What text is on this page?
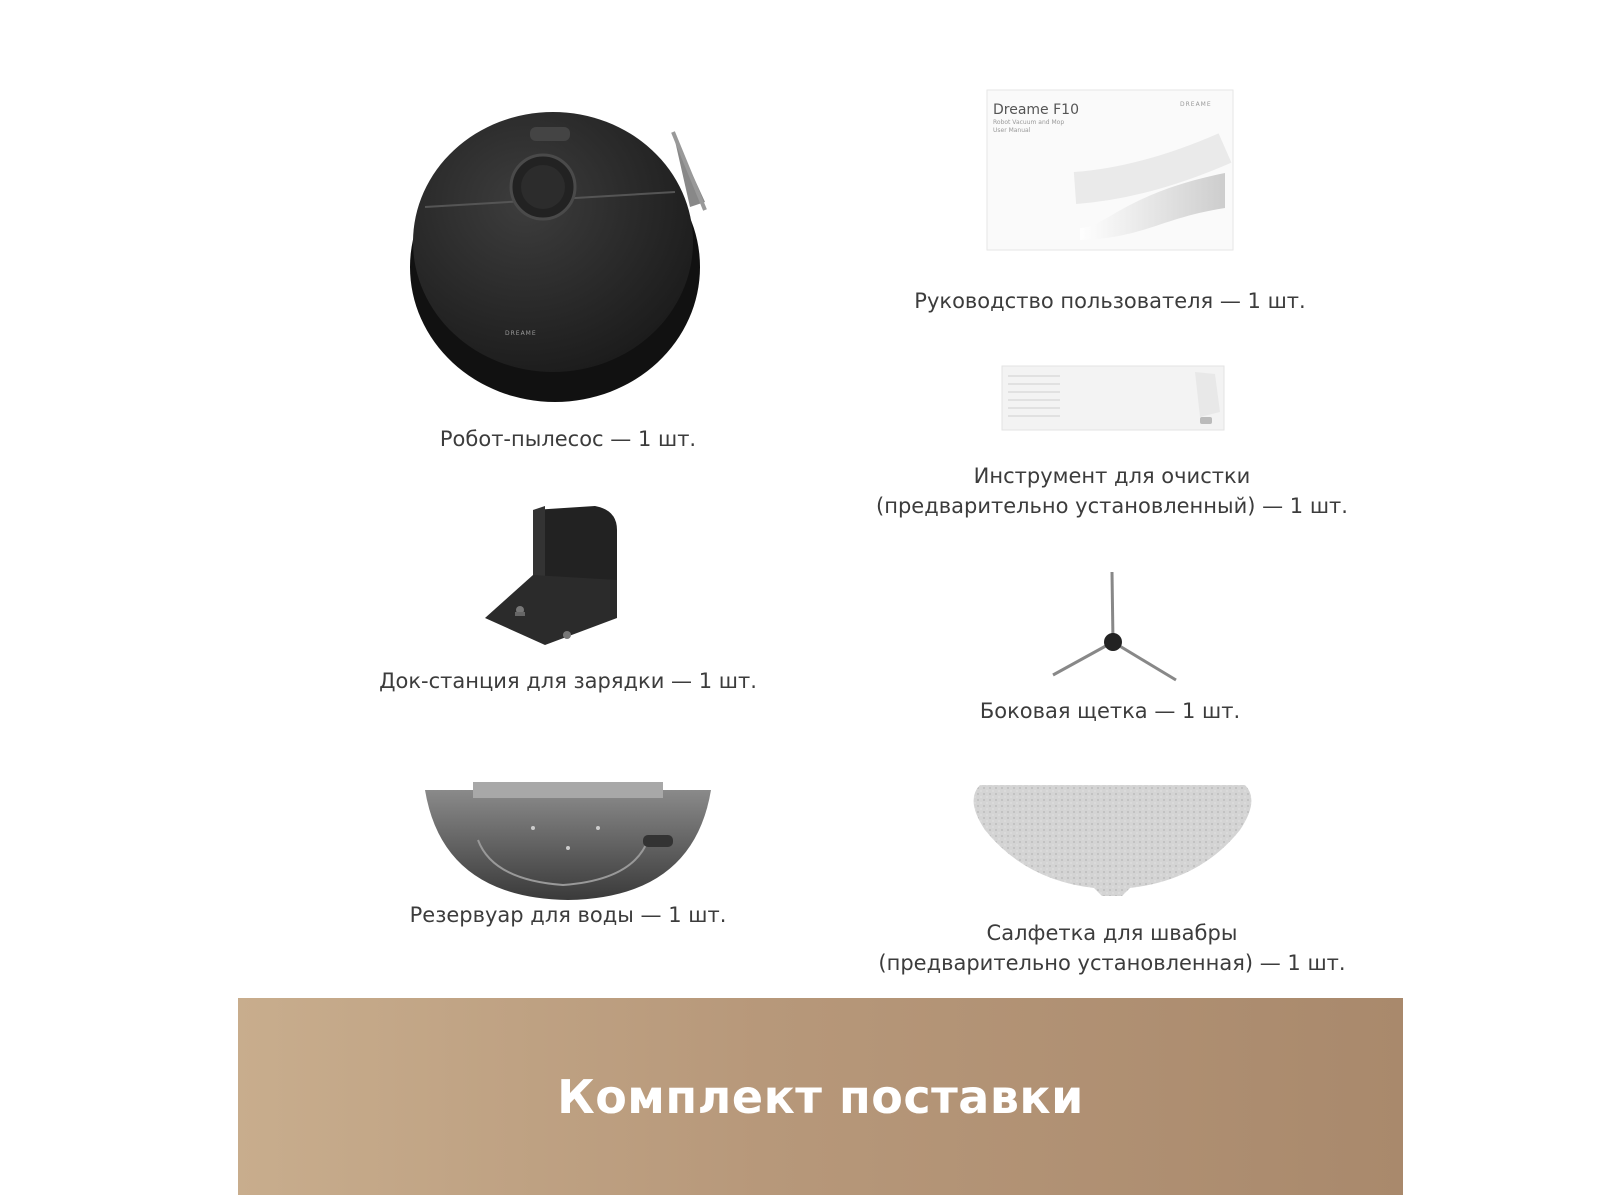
DREAME
Робот-пылесос — 1 шт.
Dreame F10
Robot Vacuum and Mop
User Manual
DREAME
Руководство пользователя — 1 шт.
Инструмент для очистки
(предварительно установленный) — 1 шт.
Док-станция для зарядки — 1 шт.
Боковая щетка — 1 шт.
Резервуар для воды — 1 шт.
Салфетка для швабры
(предварительно установленная) — 1 шт.
Комплект поставки
